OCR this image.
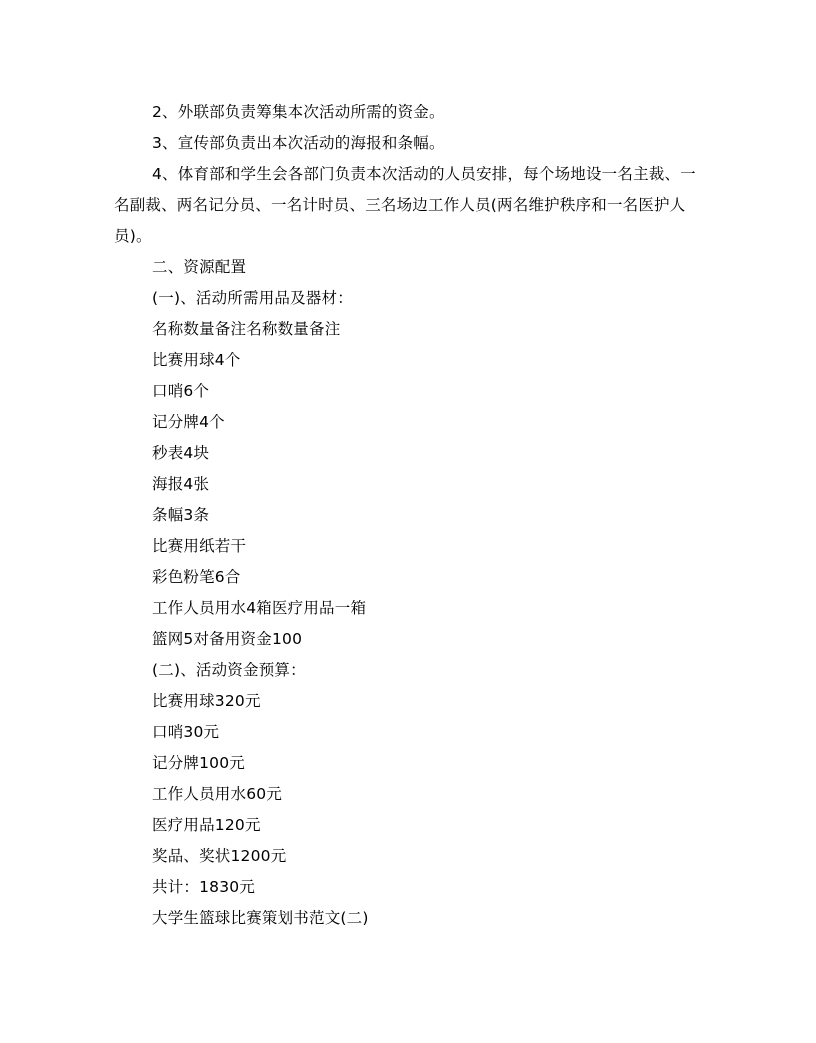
2、外联部负责筹集本次活动所需的资金。

3、宣传部负责出本次活动的海报和条幅。

4、体育部和学生会各部门负责本次活动的人员安排，每个场地设一名主裁、一名副裁、两名记分员、一名计时员、三名场边工作人员(两名维护秩序和一名医护人员)。

二、资源配置

(一)、活动所需用品及器材：

名称数量备注名称数量备注

比赛用球4个

口哨6个

记分牌4个

秒表4块

海报4张

条幅3条

比赛用纸若干

彩色粉笔6合

工作人员用水4箱医疗用品一箱

篮网5对备用资金100

(二)、活动资金预算：

比赛用球320元

口哨30元

记分牌100元

工作人员用水60元

医疗用品120元

奖品、奖状1200元

共计：1830元

大学生篮球比赛策划书范文(二)
